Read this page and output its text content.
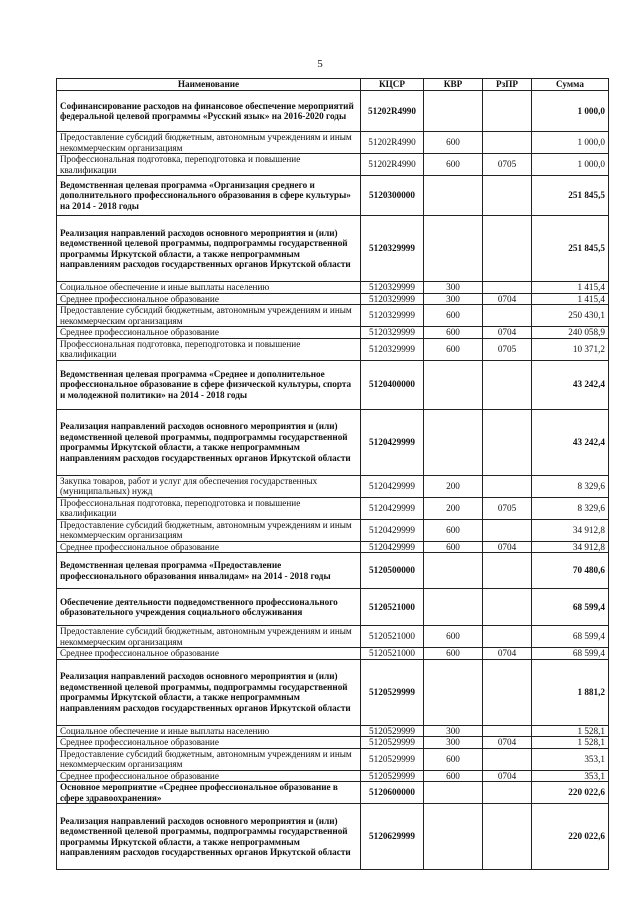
5
Наименование	КЦСР	КВР	РзПР	Сумма
Софинансирование расходов на финансовое обеспечение мероприятий федеральной целевой программы «Русский язык» на 2016-2020 годы	51202R4990			1 000,0
Предоставление субсидий бюджетным, автономным учреждениям и иным некоммерческим организациям	51202R4990	600		1 000,0
Профессиональная подготовка, переподготовка и повышение квалификации	51202R4990	600	0705	1 000,0
Ведомственная целевая программа «Организация среднего и дополнительного профессионального образования в сфере культуры» на 2014 - 2018 годы	5120300000			251 845,5
Реализация направлений расходов основного мероприятия и (или) ведомственной целевой программы, подпрограммы государственной программы Иркутской области, а также непрограммным направлениям расходов государственных органов Иркутской области	5120329999			251 845,5
Социальное обеспечение и иные выплаты населению	5120329999	300		1 415,4
Среднее профессиональное образование	5120329999	300	0704	1 415,4
Предоставление субсидий бюджетным, автономным учреждениям и иным некоммерческим организациям	5120329999	600		250 430,1
Среднее профессиональное образование	5120329999	600	0704	240 058,9
Профессиональная подготовка, переподготовка и повышение квалификации	5120329999	600	0705	10 371,2
Ведомственная целевая программа «Среднее и дополнительное профессиональное образование в сфере физической культуры, спорта и молодежной политики» на 2014 - 2018 годы	5120400000			43 242,4
Реализация направлений расходов основного мероприятия и (или) ведомственной целевой программы, подпрограммы государственной программы Иркутской области, а также непрограммным направлениям расходов государственных органов Иркутской области	5120429999			43 242,4
Закупка товаров, работ и услуг для обеспечения государственных (муниципальных) нужд	5120429999	200		8 329,6
Профессиональная подготовка, переподготовка и повышение квалификации	5120429999	200	0705	8 329,6
Предоставление субсидий бюджетным, автономным учреждениям и иным некоммерческим организациям	5120429999	600		34 912,8
Среднее профессиональное образование	5120429999	600	0704	34 912,8
Ведомственная целевая программа «Предоставление профессионального образования инвалидам» на 2014 - 2018 годы	5120500000			70 480,6
Обеспечение деятельности подведомственного профессионального образовательного учреждения социального обслуживания	5120521000			68 599,4
Предоставление субсидий бюджетным, автономным учреждениям и иным некоммерческим организациям	5120521000	600		68 599,4
Среднее профессиональное образование	5120521000	600	0704	68 599,4
Реализация направлений расходов основного мероприятия и (или) ведомственной целевой программы, подпрограммы государственной программы Иркутской области, а также непрограммным направлениям расходов государственных органов Иркутской области	5120529999			1 881,2
Социальное обеспечение и иные выплаты населению	5120529999	300		1 528,1
Среднее профессиональное образование	5120529999	300	0704	1 528,1
Предоставление субсидий бюджетным, автономным учреждениям и иным некоммерческим организациям	5120529999	600		353,1
Среднее профессиональное образование	5120529999	600	0704	353,1
Основное мероприятие «Среднее профессиональное образование в сфере здравоохранения»	5120600000			220 022,6
Реализация направлений расходов основного мероприятия и (или) ведомственной целевой программы, подпрограммы государственной программы Иркутской области, а также непрограммным направлениям расходов государственных органов Иркутской области	5120629999			220 022,6
